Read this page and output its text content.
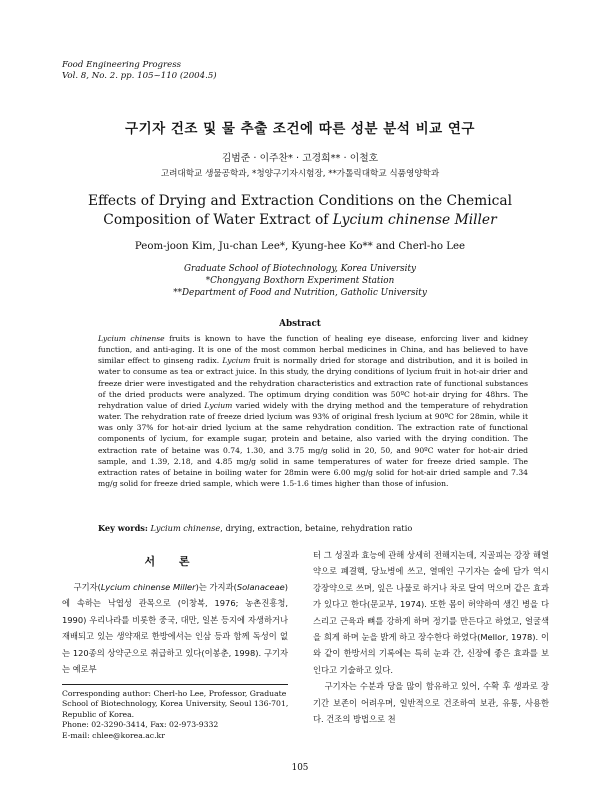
Food Engineering Progress
Vol. 8, No. 2. pp. 105~110 (2004.5)
구기자 건조 및 물 추출 조건에 따른 성분 분석 비교 연구
김범준 · 이주찬* · 고경희** · 이철호
고려대학교 생물공학과, *청양구기자시험장, **가톨릭대학교 식품영양학과
Effects of Drying and Extraction Conditions on the Chemical
Composition of Water Extract of Lycium chinense Miller
Peom-joon Kim, Ju-chan Lee*, Kyung-hee Ko** and Cherl-ho Lee
Graduate School of Biotechnology, Korea University
*Chongyang Boxthorn Experiment Station
**Department of Food and Nutrition, Gatholic University
Abstract

Lycium chinense fruits is known to have the function of healing eye disease, enforcing liver and kidney function, and anti-aging. It is one of the most common herbal medicines in China, and has believed to have similar effect to ginseng radix. Lycium fruit is normally dried for storage and distribution, and it is boiled in water to consume as tea or extract juice. In this study, the drying conditions of lycium fruit in hot-air drier and freeze drier were investigated and the rehydration characteristics and extraction rate of functional substances of the dried products were analyzed. The optimum drying condition was 50ºC hot-air drying for 48hrs. The rehydration value of dried Lycium varied widely with the drying method and the temperature of rehydration water. The rehydration rate of freeze dried lycium was 93% of original fresh lycium at 90ºC for 28min, while it was only 37% for hot-air dried lycium at the same rehydration condition. The extraction rate of functional components of lycium, for example sugar, protein and betaine, also varied with the drying condition. The extraction rate of betaine was 0.74, 1.30, and 3.75 mg/g solid in 20, 50, and 90ºC water for hot-air dried sample, and 1.39, 2.18, and 4.85 mg/g solid in same temperatures of water for freeze dried sample. The extraction rates of betaine in boiling water for 28min were 6.00 mg/g solid for hot-air dried sample and 7.34 mg/g solid for freeze dried sample, which were 1.5-1.6 times higher than those of infusion.

Key words: Lycium chinense, drying, extraction, betaine, rehydration ratio
서 론

구기자(Lycium chinense Miller)는 가지과(Solanaceae)에 속하는 낙엽성 관목으로 (이창복, 1976; 농촌진흥청, 1990) 우리나라를 비롯한 중국, 대만, 일본 등지에 자생하거나 재배되고 있는 생약재로 한방에서는 인삼 등과 함께 독성이 없는 120종의 상약군으로 취급하고 있다(이봉춘, 1998). 구기자는 예로부

터 그 성질과 효능에 관해 상세히 전해지는데, 지골피는 강장 해열약으로 폐결핵, 당뇨병에 쓰고, 열매인 구기자는 술에 담가 역시 강장약으로 쓰며, 잎은 나물로 하거나 차로 달여 먹으며 같은 효과가 있다고 한다(문교부, 1974). 또한 몸이 허약하여 생긴 병을 다스리고 근육과 뼈를 강하게 하며 정기를 만든다고 하였고, 얼굴색을 희게 하며 눈을 밝게 하고 장수한다 하였다(Mellor, 1978). 이와 같이 한방서의 기록에는 특히 눈과 간, 신장에 좋은 효과를 보인다고 기술하고 있다.

구기자는 수분과 당을 많이 함유하고 있어, 수확 후 생과로 장기간 보존이 어려우며, 일반적으로 건조하여 보관, 유통, 사용한다. 건조의 방법으로 천

Corresponding author: Cherl-ho Lee, Professor, Graduate School of Biotechnology, Korea University, Seoul 136-701, Republic of Korea.

Phone: 02-3290-3414, Fax: 02-973-9332

E-mail: chlee@korea.ac.kr

105
